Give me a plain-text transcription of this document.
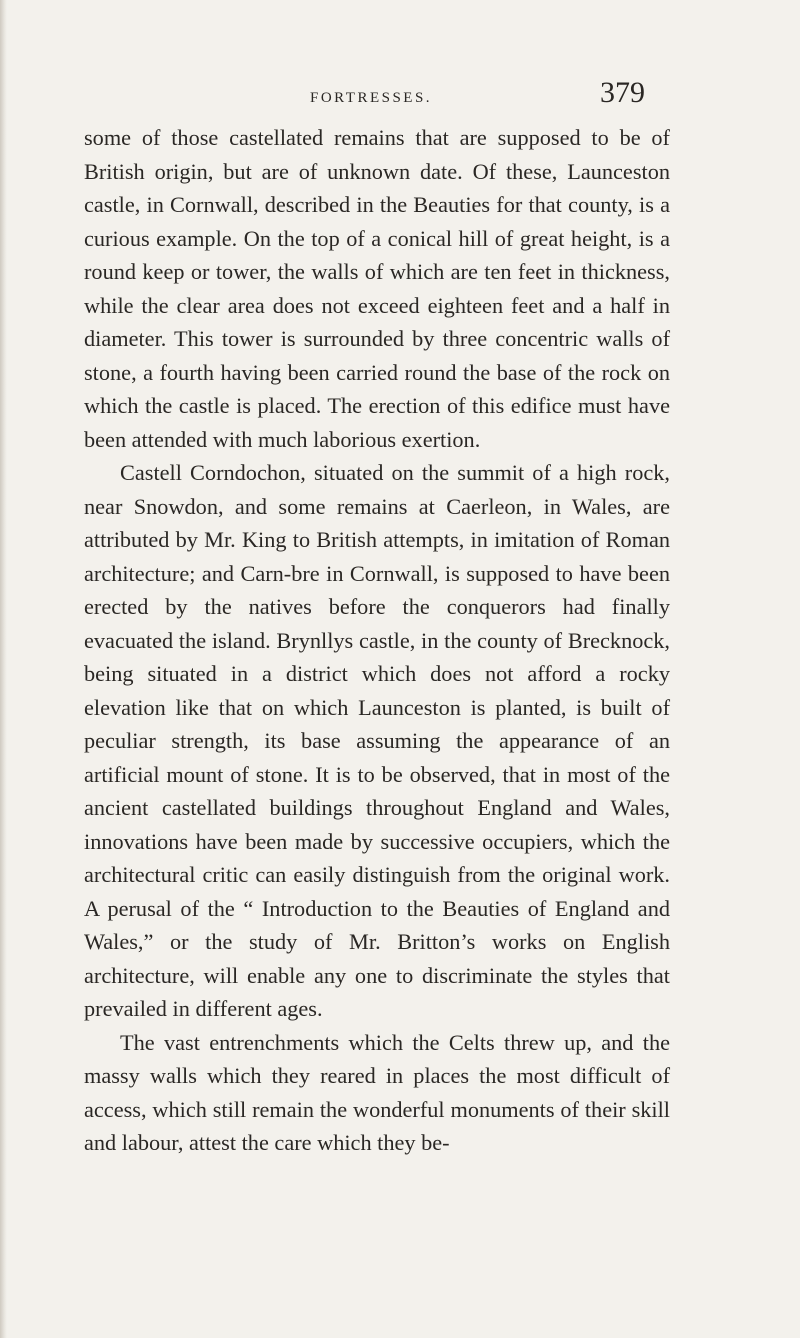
FORTRESSES.	379

some of those castellated remains that are supposed to be of British origin, but are of unknown date. Of these, Launceston castle, in Cornwall, described in the Beauties for that county, is a curious example. On the top of a conical hill of great height, is a round keep or tower, the walls of which are ten feet in thickness, while the clear area does not exceed eighteen feet and a half in diameter. This tower is surrounded by three concentric walls of stone, a fourth having been carried round the base of the rock on which the castle is placed. The erection of this edifice must have been attended with much laborious exertion.

Castell Corndochon, situated on the summit of a high rock, near Snowdon, and some remains at Caerleon, in Wales, are attributed by Mr. King to British attempts, in imitation of Roman architecture; and Carn-bre in Cornwall, is supposed to have been erected by the natives before the conquerors had finally evacuated the island. Brynllys castle, in the county of Brecknock, being situated in a district which does not afford a rocky elevation like that on which Launceston is planted, is built of peculiar strength, its base assuming the appearance of an artificial mount of stone. It is to be observed, that in most of the ancient castellated buildings throughout England and Wales, innovations have been made by successive occupiers, which the architectural critic can easily distinguish from the original work. A perusal of the “ Introduction to the Beauties of England and Wales,” or the study of Mr. Britton’s works on English architecture, will enable any one to discriminate the styles that prevailed in different ages.

The vast entrenchments which the Celts threw up, and the massy walls which they reared in places the most difficult of access, which still remain the wonderful monuments of their skill and labour, attest the care which they be-
